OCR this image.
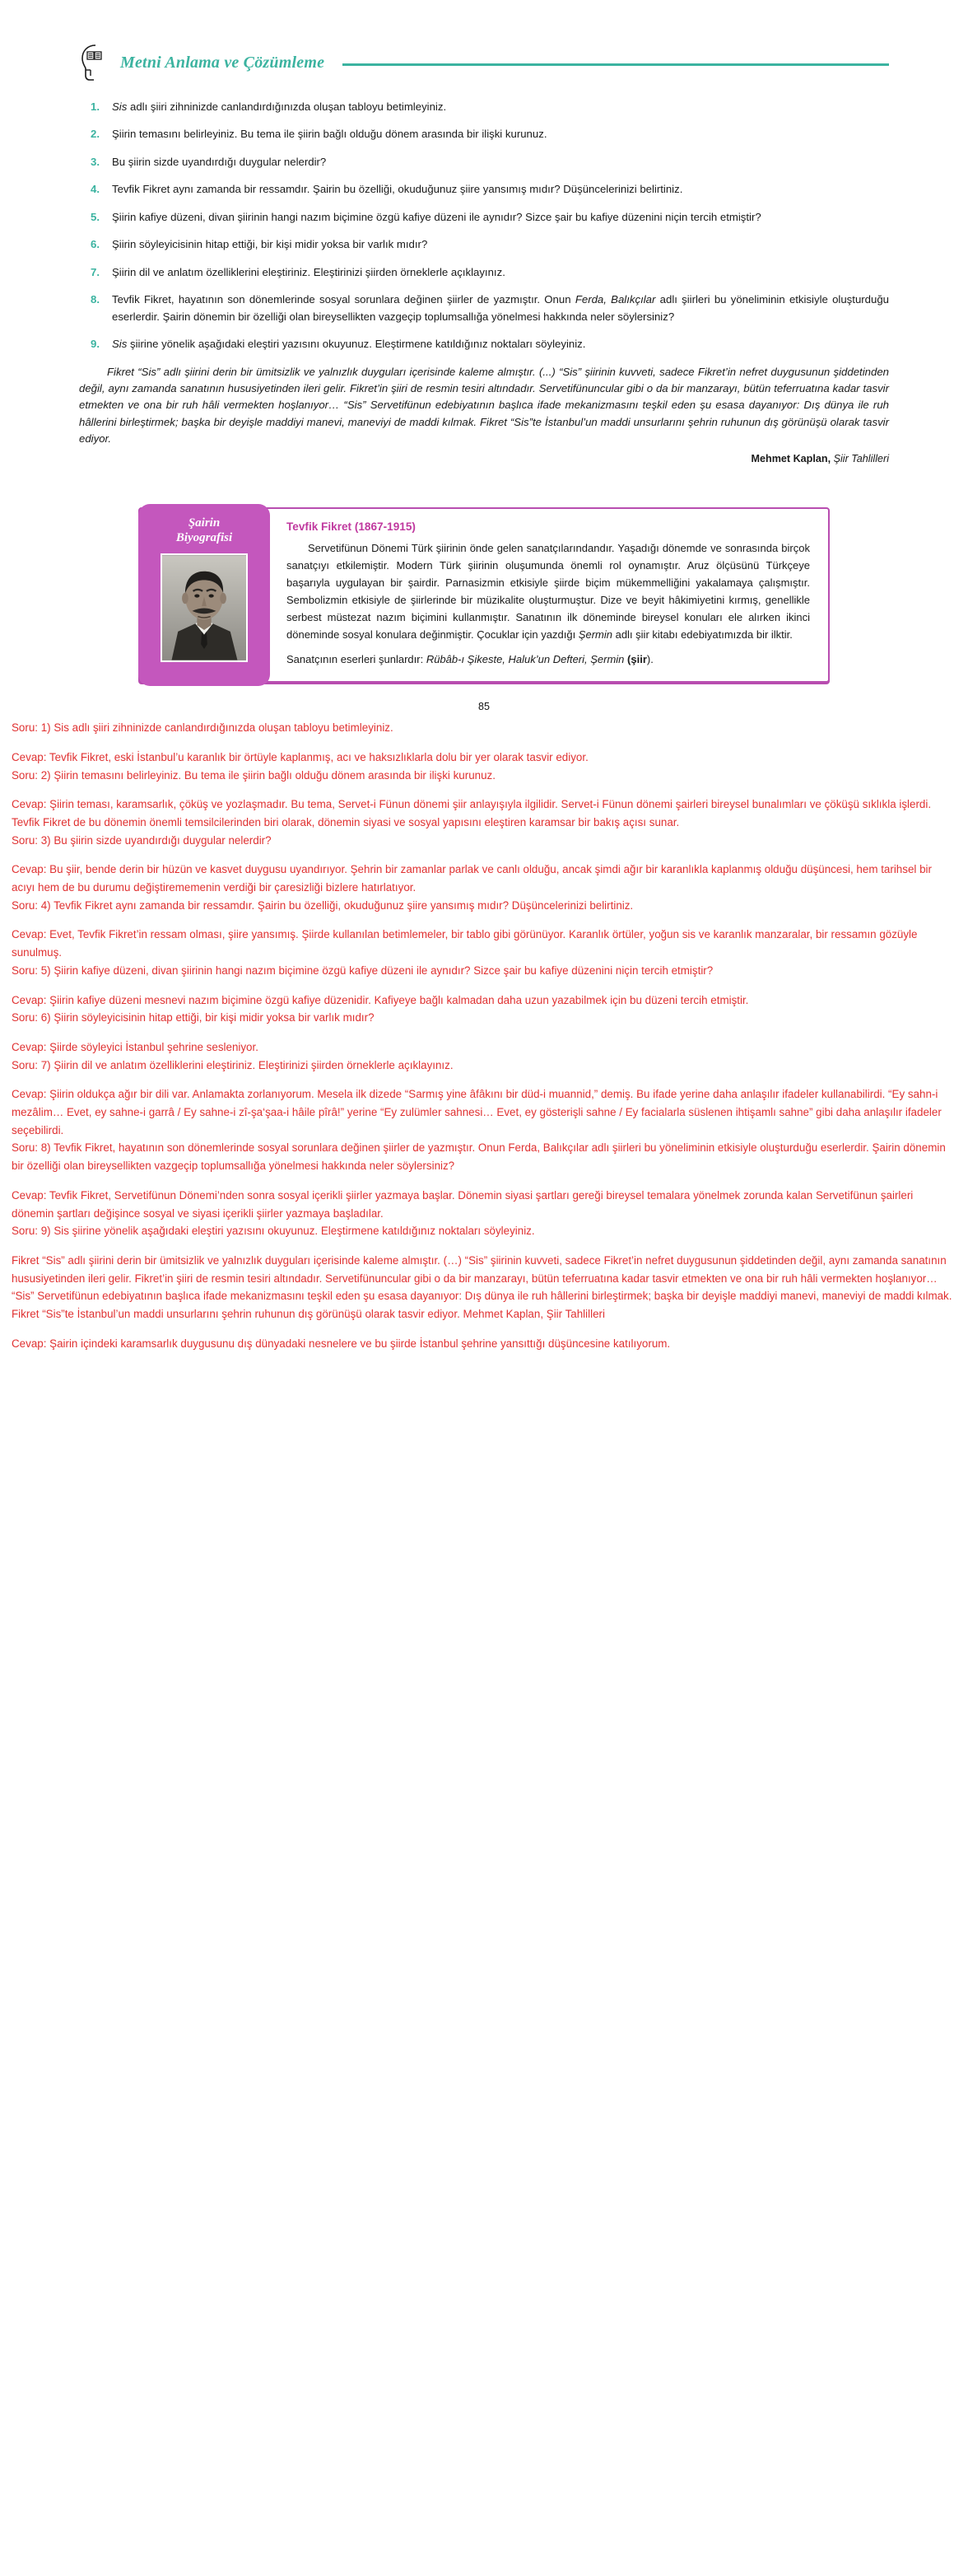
Metni Anlama ve Çözümleme

1. Sis adlı şiiri zihninizde canlandırdığınızda oluşan tabloyu betimleyiniz.

2. Şiirin temasını belirleyiniz. Bu tema ile şiirin bağlı olduğu dönem arasında bir ilişki kurunuz.

3. Bu şiirin sizde uyandırdığı duygular nelerdir?

4. Tevfik Fikret aynı zamanda bir ressamdır. Şairin bu özelliği, okuduğunuz şiire yansımış mıdır? Düşüncelerinizi belirtiniz.

5. Şiirin kafiye düzeni, divan şiirinin hangi nazım biçimine özgü kafiye düzeni ile aynıdır? Sizce şair bu kafiye düzenini niçin tercih etmiştir?

6. Şiirin söyleyicisinin hitap ettiği, bir kişi midir yoksa bir varlık mıdır?

7. Şiirin dil ve anlatım özelliklerini eleştiriniz. Eleştirinizi şiirden örneklerle açıklayınız.

8. Tevfik Fikret, hayatının son dönemlerinde sosyal sorunlara değinen şiirler de yazmıştır. Onun Ferda, Balıkçılar adlı şiirleri bu yöneliminin etkisiyle oluşturduğu eserlerdir. Şairin dönemin bir özelliği olan bireysellikten vazgeçip toplumsallığa yönelmesi hakkında neler söylersiniz?

9. Sis şiirine yönelik aşağıdaki eleştiri yazısını okuyunuz. Eleştirmene katıldığınız noktaları söyleyiniz.

Fikret “Sis” adlı şiirini derin bir ümitsizlik ve yalnızlık duyguları içerisinde kaleme almıştır. (...) “Sis” şiirinin kuvveti, sadece Fikret’in nefret duygusunun şiddetinden değil, aynı zamanda sanatının hususiyetinden ileri gelir. Fikret’in şiiri de resmin tesiri altındadır. Servetifünuncular gibi o da bir manzarayı, bütün teferruatına kadar tasvir etmekten ve ona bir ruh hâli vermekten hoşlanıyor… “Sis” Servetifünun edebiyatının başlıca ifade mekanizmasını teşkil eden şu esasa dayanıyor: Dış dünya ile ruh hâllerini birleştirmek; başka bir deyişle maddiyi manevi, maneviyi de maddi kılmak. Fikret “Sis”te İstanbul’un maddi unsurlarını şehrin ruhunun dış görünüşü olarak tasvir ediyor.

Mehmet Kaplan, Şiir Tahlilleri

Şairin
Biyografisi
Tevfik Fikret (1867-1915)

Servetifünun Dönemi Türk şiirinin önde gelen sanatçılarındandır. Yaşadığı dönemde ve sonrasında birçok sanatçıyı etkilemiştir. Modern Türk şiirinin oluşumunda önemli rol oynamıştır. Aruz ölçüsünü Türkçeye başarıyla uygulayan bir şairdir. Parnasizmin etkisiyle şiirde biçim mükemmelliğini yakalamaya çalışmıştır. Sembolizmin etkisiyle de şiirlerinde bir müzikalite oluşturmuştur. Dize ve beyit hâkimiyetini kırmış, genellikle serbest müstezat nazım biçimini kullanmıştır. Sanatının ilk döneminde bireysel konuları ele alırken ikinci döneminde sosyal konulara değinmiştir. Çocuklar için yazdığı Şermin adlı şiir kitabı edebiyatımızda bir ilktir.

Sanatçının eserleri şunlardır: Rübâb-ı Şikeste, Haluk’un Defteri, Şermin (şiir).

85

Soru: 1) Sis adlı şiiri zihninizde canlandırdığınızda oluşan tabloyu betimleyiniz.

Cevap: Tevfik Fikret, eski İstanbul’u karanlık bir örtüyle kaplanmış, acı ve haksızlıklarla dolu bir yer olarak tasvir ediyor.

Soru: 2) Şiirin temasını belirleyiniz. Bu tema ile şiirin bağlı olduğu dönem arasında bir ilişki kurunuz.

Cevap: Şiirin teması, karamsarlık, çöküş ve yozlaşmadır. Bu tema, Servet-i Fünun dönemi şiir anlayışıyla ilgilidir. Servet-i Fünun dönemi şairleri bireysel bunalımları ve çöküşü sıklıkla işlerdi. Tevfik Fikret de bu dönemin önemli temsilcilerinden biri olarak, dönemin siyasi ve sosyal yapısını eleştiren karamsar bir bakış açısı sunar.

Soru: 3) Bu şiirin sizde uyandırdığı duygular nelerdir?

Cevap: Bu şiir, bende derin bir hüzün ve kasvet duygusu uyandırıyor. Şehrin bir zamanlar parlak ve canlı olduğu, ancak şimdi ağır bir karanlıkla kaplanmış olduğu düşüncesi, hem tarihsel bir acıyı hem de bu durumu değiştirememenin verdiği bir çaresizliği bizlere hatırlatıyor.

Soru: 4) Tevfik Fikret aynı zamanda bir ressamdır. Şairin bu özelliği, okuduğunuz şiire yansımış mıdır? Düşüncelerinizi belirtiniz.

Cevap: Evet, Tevfik Fikret’in ressam olması, şiire yansımış. Şiirde kullanılan betimlemeler, bir tablo gibi görünüyor. Karanlık örtüler, yoğun sis ve karanlık manzaralar, bir ressamın gözüyle sunulmuş.

Soru: 5) Şiirin kafiye düzeni, divan şiirinin hangi nazım biçimine özgü kafiye düzeni ile aynıdır? Sizce şair bu kafiye düzenini niçin tercih etmiştir?

Cevap: Şiirin kafiye düzeni mesnevi nazım biçimine özgü kafiye düzenidir. Kafiyeye bağlı kalmadan daha uzun yazabilmek için bu düzeni tercih etmiştir.

Soru: 6) Şiirin söyleyicisinin hitap ettiği, bir kişi midir yoksa bir varlık mıdır?

Cevap: Şiirde söyleyici İstanbul şehrine sesleniyor.

Soru: 7) Şiirin dil ve anlatım özelliklerini eleştiriniz. Eleştirinizi şiirden örneklerle açıklayınız.

Cevap: Şiirin oldukça ağır bir dili var. Anlamakta zorlanıyorum. Mesela ilk dizede “Sarmış yine âfâkını bir düd-i muannid,” demiş. Bu ifade yerine daha anlaşılır ifadeler kullanabilirdi. “Ey sahn-i mezâlim… Evet, ey sahne-i garrâ / Ey sahne-i zî-şa‘şaa-i hâile pîrâ!” yerine “Ey zulümler sahnesi… Evet, ey gösterişli sahne / Ey facialarla süslenen ihtişamlı sahne” gibi daha anlaşılır ifadeler seçebilirdi.

Soru: 8) Tevfik Fikret, hayatının son dönemlerinde sosyal sorunlara değinen şiirler de yazmıştır. Onun Ferda, Balıkçılar adlı şiirleri bu yöneliminin etkisiyle oluşturduğu eserlerdir. Şairin dönemin bir özelliği olan bireysellikten vazgeçip toplumsallığa yönelmesi hakkında neler söylersiniz?

Cevap: Tevfik Fikret, Servetifünun Dönemi’nden sonra sosyal içerikli şiirler yazmaya başlar. Dönemin siyasi şartları gereği bireysel temalara yönelmek zorunda kalan Servetifünun şairleri dönemin şartları değişince sosyal ve siyasi içerikli şiirler yazmaya başladılar.

Soru: 9) Sis şiirine yönelik aşağıdaki eleştiri yazısını okuyunuz. Eleştirmene katıldığınız noktaları söyleyiniz.

Fikret “Sis” adlı şiirini derin bir ümitsizlik ve yalnızlık duyguları içerisinde kaleme almıştır. (…) “Sis” şiirinin kuvveti, sadece Fikret’in nefret duygusunun şiddetinden değil, aynı zamanda sanatının hususiyetinden ileri gelir. Fikret’in şiiri de resmin tesiri altındadır. Servetifünuncular gibi o da bir manzarayı, bütün teferruatına kadar tasvir etmekten ve ona bir ruh hâli vermekten hoşlanıyor… “Sis” Servetifünun edebiyatının başlıca ifade mekanizmasını teşkil eden şu esasa dayanıyor: Dış dünya ile ruh hâllerini birleştirmek; başka bir deyişle maddiyi manevi, maneviyi de maddi kılmak. Fikret “Sis”te İstanbul’un maddi unsurlarını şehrin ruhunun dış görünüşü olarak tasvir ediyor. Mehmet Kaplan, Şiir Tahlilleri

Cevap: Şairin içindeki karamsarlık duygusunu dış dünyadaki nesnelere ve bu şiirde İstanbul şehrine yansıttığı düşüncesine katılıyorum.
